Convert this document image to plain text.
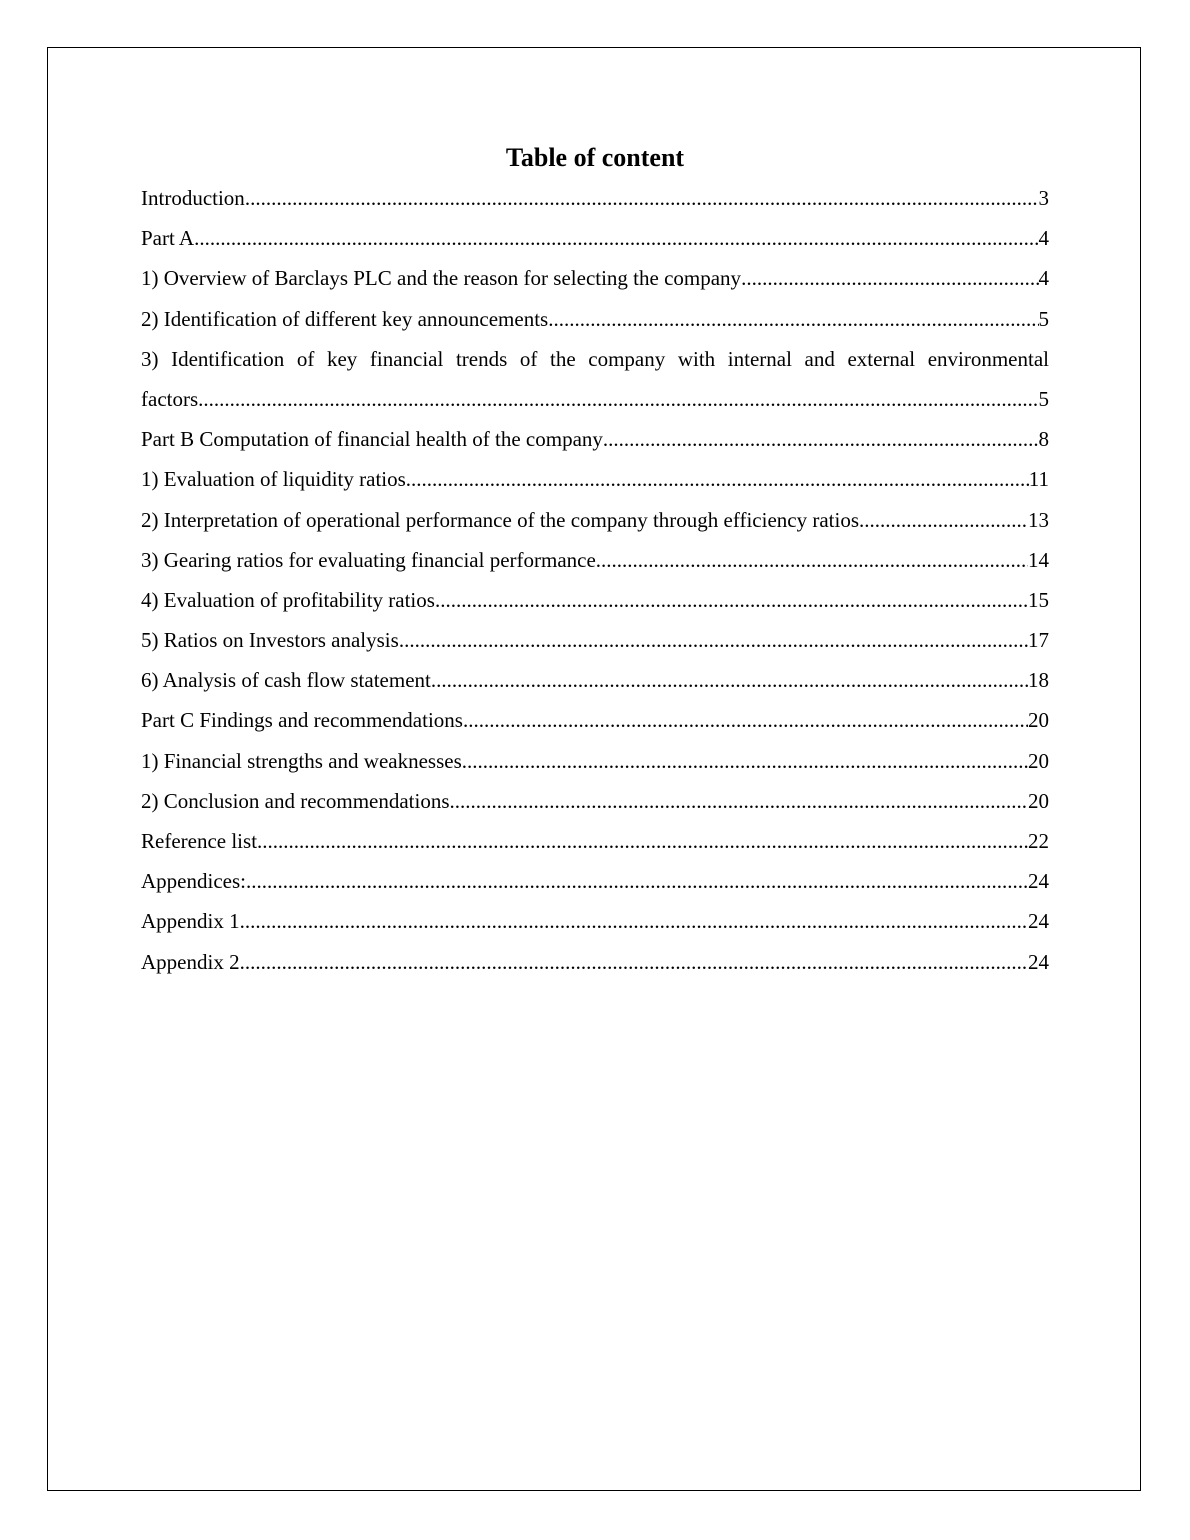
Table of content
Introduction .....	3
Part A .....	4
1) Overview of Barclays PLC and the reason for selecting the company .....	4
2) Identification of different key announcements .....	5
3) Identification of key financial trends of the company with internal and external environmental
factors .....	5
Part B Computation of financial health of the company .....	8
1) Evaluation of liquidity ratios .....	11
2) Interpretation of operational performance of the company through efficiency ratios .....	13
3) Gearing ratios for evaluating financial performance .....	14
4) Evaluation of profitability ratios .....	15
5) Ratios on Investors analysis .....	17
6) Analysis of cash flow statement .....	18
Part C Findings and recommendations .....	20
1) Financial strengths and weaknesses .....	20
2) Conclusion and recommendations .....	20
Reference list .....	22
Appendices: .....	24
Appendix 1 .....	24
Appendix 2 .....	24
